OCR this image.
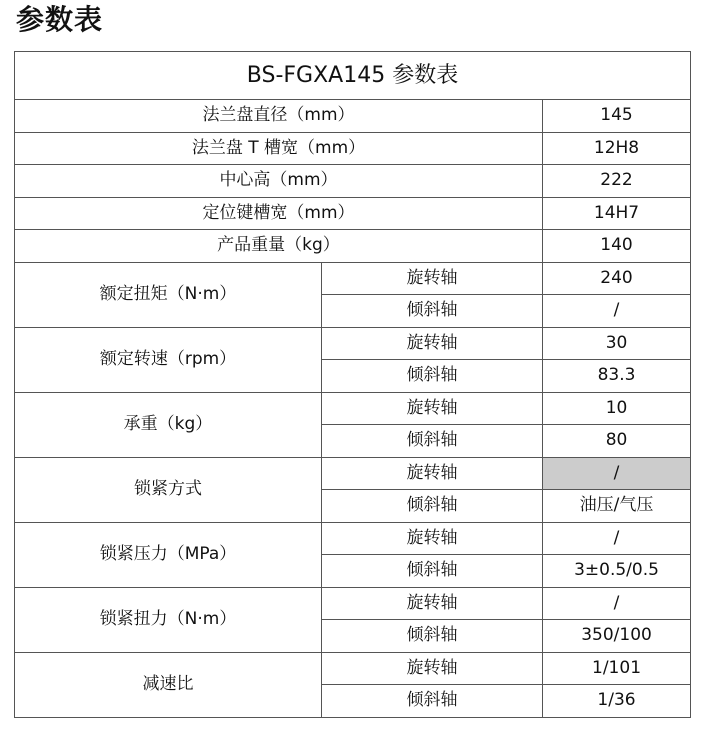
参数表
BS-FGXA145 参数表		
法兰盘直径（mm）		145
法兰盘 T 槽宽（mm）		12H8
中心高（mm）		222
定位键槽宽（mm）		14H7
产品重量（kg）		140
额定扭矩（N·m）	旋转轴	240
	倾斜轴	/
额定转速（rpm）	旋转轴	30
	倾斜轴	83.3
承重（kg）	旋转轴	10
	倾斜轴	80
锁紧方式	旋转轴	/
	倾斜轴	油压/气压
锁紧压力（MPa）	旋转轴	/
	倾斜轴	3±0.5/0.5
锁紧扭力（N·m）	旋转轴	/
	倾斜轴	350/100
减速比	旋转轴	1/101
	倾斜轴	1/36
